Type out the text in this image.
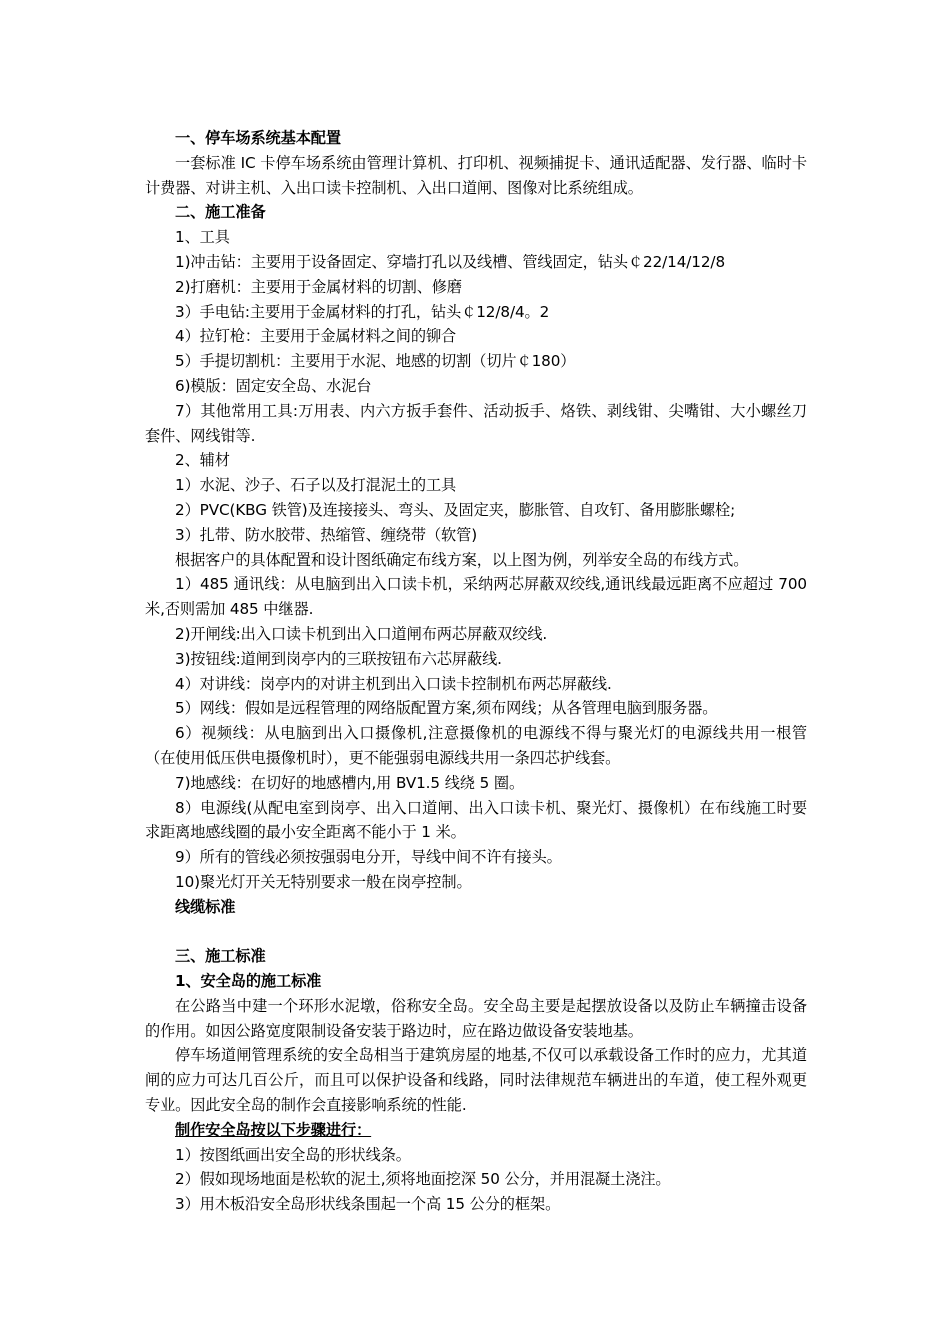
一、停车场系统基本配置

一套标准 IC 卡停车场系统由管理计算机、打印机、视频捕捉卡、通讯适配器、发行器、临时卡计费器、对讲主机、入出口读卡控制机、入出口道闸、图像对比系统组成。

二、施工准备

1、工具

1)冲击钻：主要用于设备固定、穿墙打孔以及线槽、管线固定，钻头￠22/14/12/8

2)打磨机：主要用于金属材料的切割、修磨

3）手电钻:主要用于金属材料的打孔，钻头￠12/8/4。2

4）拉钉枪：主要用于金属材料之间的铆合

5）手提切割机：主要用于水泥、地感的切割（切片￠180）

6)模版：固定安全岛、水泥台

7）其他常用工具:万用表、内六方扳手套件、活动扳手、烙铁、剥线钳、尖嘴钳、大小螺丝刀套件、网线钳等.

2、辅材

1）水泥、沙子、石子以及打混泥土的工具

2）PVC(KBG 铁管)及连接接头、弯头、及固定夹，膨胀管、自攻钉、备用膨胀螺栓;

3）扎带、防水胶带、热缩管、缠绕带（软管)

根据客户的具体配置和设计图纸确定布线方案，以上图为例，列举安全岛的布线方式。

1）485 通讯线：从电脑到出入口读卡机，采纳两芯屏蔽双绞线,通讯线最远距离不应超过 700 米,否则需加 485 中继器.

2)开闸线:出入口读卡机到出入口道闸布两芯屏蔽双绞线.

3)按钮线:道闸到岗亭内的三联按钮布六芯屏蔽线.

4）对讲线：岗亭内的对讲主机到出入口读卡控制机布两芯屏蔽线.

5）网线：假如是远程管理的网络版配置方案,须布网线；从各管理电脑到服务器。

6）视频线：从电脑到出入口摄像机,注意摄像机的电源线不得与聚光灯的电源线共用一根管（在使用低压供电摄像机时），更不能强弱电源线共用一条四芯护线套。

7)地感线：在切好的地感槽内,用 BV1.5 线绕 5 圈。

8）电源线(从配电室到岗亭、出入口道闸、出入口读卡机、聚光灯、摄像机）在布线施工时要求距离地感线圈的最小安全距离不能小于 1 米。

9）所有的管线必须按强弱电分开，导线中间不许有接头。

10)聚光灯开关无特别要求一般在岗亭控制。

线缆标准

三、施工标准

1、安全岛的施工标准

在公路当中建一个环形水泥墩，俗称安全岛。安全岛主要是起摆放设备以及防止车辆撞击设备的作用。如因公路宽度限制设备安装于路边时，应在路边做设备安装地基。

停车场道闸管理系统的安全岛相当于建筑房屋的地基,不仅可以承载设备工作时的应力，尤其道闸的应力可达几百公斤，而且可以保护设备和线路，同时法律规范车辆进出的车道，使工程外观更专业。因此安全岛的制作会直接影响系统的性能.

制作安全岛按以下步骤进行：

1）按图纸画出安全岛的形状线条。

2）假如现场地面是松软的泥土,须将地面挖深 50 公分，并用混凝土浇注。

3）用木板沿安全岛形状线条围起一个高 15 公分的框架。
